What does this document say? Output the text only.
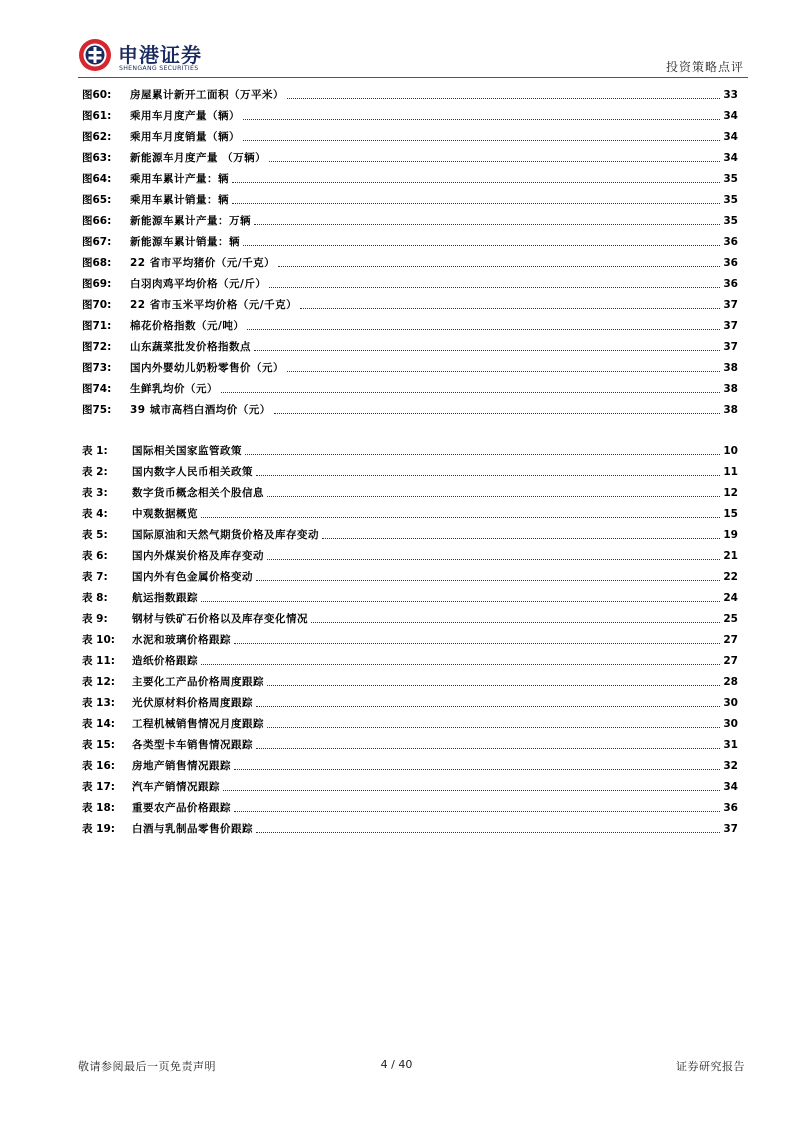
申港证券
SHENGANG SECURITIES	投资策略点评
图60: 房屋累计新开工面积（万平米）	33
图61: 乘用车月度产量（辆）	34
图62: 乘用车月度销量（辆）	34
图63: 新能源车月度产量 （万辆）	34
图64: 乘用车累计产量：辆	35
图65: 乘用车累计销量：辆	35
图66: 新能源车累计产量：万辆	35
图67: 新能源车累计销量：辆	36
图68: 22 省市平均猪价（元/千克）	36
图69: 白羽肉鸡平均价格（元/斤）	36
图70: 22 省市玉米平均价格（元/千克）	37
图71: 棉花价格指数（元/吨）	37
图72: 山东蔬菜批发价格指数点	37
图73: 国内外婴幼儿奶粉零售价（元）	38
图74: 生鲜乳均价（元）	38
图75: 39 城市高档白酒均价（元）	38
表 1: 国际相关国家监管政策	10
表 2: 国内数字人民币相关政策	11
表 3: 数字货币概念相关个股信息	12
表 4: 中观数据概览	15
表 5: 国际原油和天然气期货价格及库存变动	19
表 6: 国内外煤炭价格及库存变动	21
表 7: 国内外有色金属价格变动	22
表 8: 航运指数跟踪	24
表 9: 钢材与铁矿石价格以及库存变化情况	25
表 10: 水泥和玻璃价格跟踪	27
表 11: 造纸价格跟踪	27
表 12: 主要化工产品价格周度跟踪	28
表 13: 光伏原材料价格周度跟踪	30
表 14: 工程机械销售情况月度跟踪	30
表 15: 各类型卡车销售情况跟踪	31
表 16: 房地产销售情况跟踪	32
表 17: 汽车产销情况跟踪	34
表 18: 重要农产品价格跟踪	36
表 19: 白酒与乳制品零售价跟踪	37
敬请参阅最后一页免责声明	4 / 40	证券研究报告
